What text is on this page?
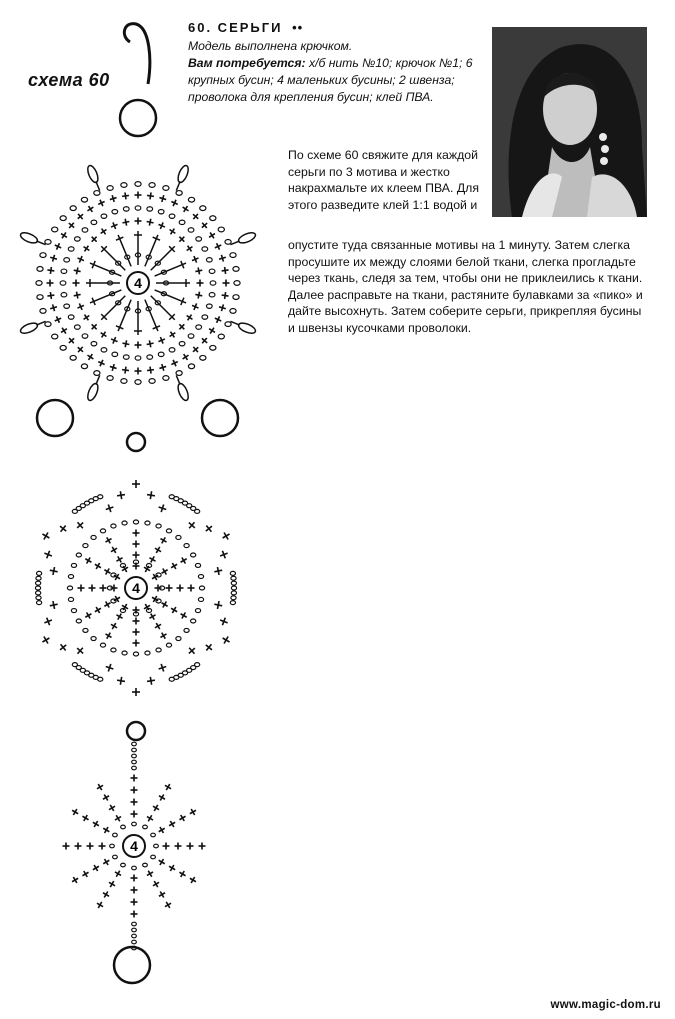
4
4
4
схема 60
60. СЕРЬГИ ••
Модель выполнена крючком.
Вам потребуется: х/б нить №10; крючок №1; 6 крупных бусин; 4 маленьких бусины; 2 швенза; проволока для крепления бусин; клей ПВА.
По схеме 60 свяжите для каждой серьги по 3 мотива и жестко накрахмальте их клеем ПВА. Для этого разведите клей 1:1 водой и
опустите туда связанные мотивы на 1 минуту. Затем слегка просушите их между слоями белой ткани, слегка прогладьте через ткань, следя за тем, чтобы они не приклеились к ткани. Далее расправьте на ткани, растяните булавками за «пико» и дайте высохнуть. Затем соберите серьги, прикрепляя бусины и швензы кусочками проволоки.
www.magic-dom.ru
